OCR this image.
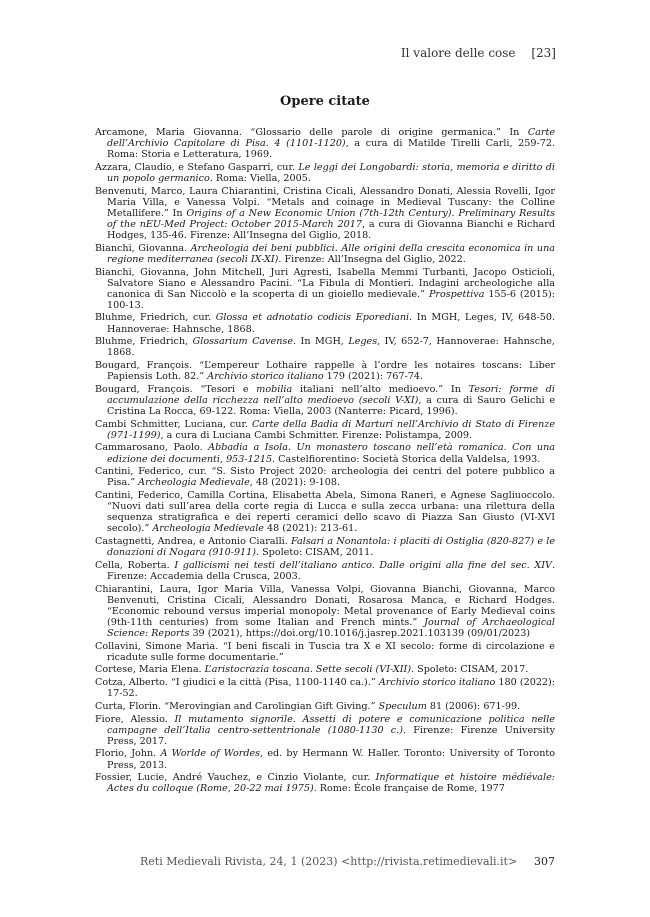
Il valore delle cose [23]
Opere citate

Arcamone, Maria Giovanna. “Glossario delle parole di origine germanica.” In Carte dell’Archivio Capitolare di Pisa. 4 (1101-1120), a cura di Matilde Tirelli Carli, 259-72. Roma: Storia e Letteratura, 1969.

Azzara, Claudio, e Stefano Gasparri, cur. Le leggi dei Longobardi: storia, memoria e diritto di un popolo germanico. Roma: Viella, 2005.

Benvenuti, Marco, Laura Chiarantini, Cristina Cicali, Alessandro Donati, Alessia Rovelli, Igor Maria Villa, e Vanessa Volpi. “Metals and coinage in Medieval Tuscany: the Colline Metallifere.” In Origins of a New Economic Union (7th-12th Century). Preliminary Results of the nEU-Med Project: October 2015-March 2017, a cura di Giovanna Bianchi e Richard Hodges, 135-46. Firenze: All’Insegna del Giglio, 2018.

Bianchi, Giovanna. Archeologia dei beni pubblici. Alle origini della crescita economica in una regione mediterranea (secoli IX-XI). Firenze: All’Insegna del Giglio, 2022.

Bianchi, Giovanna, John Mitchell, Juri Agresti, Isabella Memmi Turbanti, Jacopo Osticioli, Salvatore Siano e Alessandro Pacini. “La Fibula di Montieri. Indagini archeologiche alla canonica di San Niccolò e la scoperta di un gioiello medievale.” Prospettiva 155-6 (2015): 100-13.

Bluhme, Friedrich, cur. Glossa et adnotatio codicis Eporediani. In MGH, Leges, IV, 648-50. Hannoverae: Hahnsche, 1868.

Bluhme, Friedrich, Glossarium Cavense. In MGH, Leges, IV, 652-7, Hannoverae: Hahnsche, 1868.

Bougard, François. “L’empereur Lothaire rappelle à l’ordre les notaires toscans: Liber Papiensis Loth. 82.” Archivio storico italiano 179 (2021): 767-74.

Bougard, François. “Tesori e mobilia italiani nell’alto medioevo.” In Tesori: forme di accumulazione della ricchezza nell’alto medioevo (secoli V-XI), a cura di Sauro Gelichi e Cristina La Rocca, 69-122. Roma: Viella, 2003 (Nanterre: Picard, 1996).

Cambi Schmitter, Luciana, cur. Carte della Badia di Marturi nell’Archivio di Stato di Firenze (971-1199), a cura di Luciana Cambi Schmitter. Firenze: Polistampa, 2009.

Cammarosano, Paolo. Abbadia a Isola. Un monastero toscano nell’età romanica. Con una edizione dei documenti, 953-1215. Castelfiorentino: Società Storica della Valdelsa, 1993.

Cantini, Federico, cur. “S. Sisto Project 2020: archeologia dei centri del potere pubblico a Pisa.” Archeologia Medievale, 48 (2021): 9-108.

Cantini, Federico, Camilla Cortina, Elisabetta Abela, Simona Raneri, e Agnese Sagliuoccolo. “Nuovi dati sull’area della corte regia di Lucca e sulla zecca urbana: una rilettura della sequenza stratigrafica e dei reperti ceramici dello scavo di Piazza San Giusto (VI-XVI secolo).” Archeologia Medievale 48 (2021): 213-61.

Castagnetti, Andrea, e Antonio Ciaralli. Falsari a Nonantola: i placiti di Ostiglia (820-827) e le donazioni di Nogara (910-911). Spoleto: CISAM, 2011.

Cella, Roberta. I gallicismi nei testi dell’italiano antico. Dalle origini alla fine del sec. XIV. Firenze: Accademia della Crusca, 2003.

Chiarantini, Laura, Igor Maria Villa, Vanessa Volpi, Giovanna Bianchi, Giovanna, Marco Benvenuti, Cristina Cicali, Alessandro Donati, Rosarosa Manca, e Richard Hodges. “Economic rebound versus imperial monopoly: Metal provenance of Early Medieval coins (9th-11th centuries) from some Italian and French mints.” Journal of Archaeological Science: Reports 39 (2021), https://doi.org/10.1016/j.jasrep.2021.103139 (09/01/2023)

Collavini, Simone Maria. “I beni fiscali in Tuscia tra X e XI secolo: forme di circolazione e ricadute sulle forme documentarie.”

Cortese, Maria Elena. L’aristocrazia toscana. Sette secoli (VI-XII). Spoleto: CISAM, 2017.

Cotza, Alberto. “I giudici e la città (Pisa, 1100-1140 ca.).” Archivio storico italiano 180 (2022): 17-52.

Curta, Florin. “Merovingian and Carolingian Gift Giving.” Speculum 81 (2006): 671-99.

Fiore, Alessio. Il mutamento signorile. Assetti di potere e comunicazione politica nelle campagne dell’Italia centro-settentrionale (1080-1130 c.). Firenze: Firenze University Press, 2017.

Florio, John. A Worlde of Wordes, ed. by Hermann W. Haller. Toronto: University of Toronto Press, 2013.

Fossier, Lucie, André Vauchez, e Cinzio Violante, cur. Informatique et histoire médiévale: Actes du colloque (Rome, 20-22 mai 1975). Rome: École française de Rome, 1977

Reti Medievali Rivista, 24, 1 (2023) <http://rivista.retimedievali.it> 307
